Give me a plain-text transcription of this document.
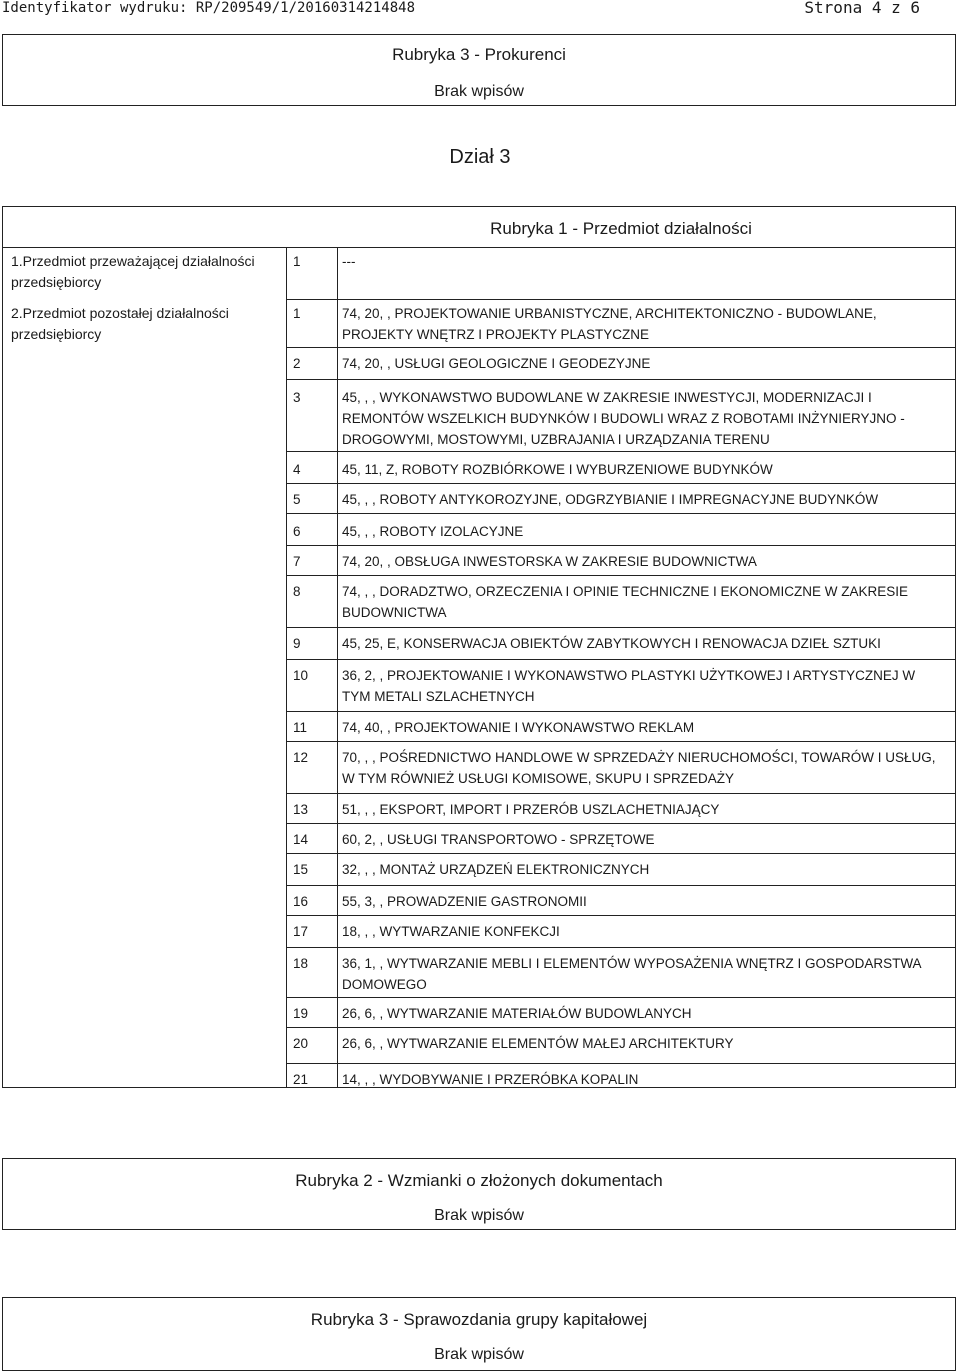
Identyfikator wydruku: RP/209549/1/20160314214848	Strona 4 z 6
Rubryka 3 - Prokurenci
Brak wpisów
Dział 3
Rubryka 1 - Przedmiot działalności
1.Przedmiot przeważającej działalności przedsiębiorcy
2.Przedmiot pozostałej działalności przedsiębiorcy
1	---
1	74, 20, , PROJEKTOWANIE URBANISTYCZNE, ARCHITEKTONICZNO - BUDOWLANE, PROJEKTY WNĘTRZ I PROJEKTY PLASTYCZNE
2	74, 20, , USŁUGI GEOLOGICZNE I GEODEZYJNE
3	45, , , WYKONAWSTWO BUDOWLANE W ZAKRESIE INWESTYCJI, MODERNIZACJI I REMONTÓW WSZELKICH BUDYNKÓW I BUDOWLI WRAZ Z ROBOTAMI INŻYNIERYJNO - DROGOWYMI, MOSTOWYMI, UZBRAJANIA I URZĄDZANIA TERENU
4	45, 11, Z, ROBOTY ROZBIÓRKOWE I WYBURZENIOWE BUDYNKÓW
5	45, , , ROBOTY ANTYKOROZYJNE, ODGRZYBIANIE I IMPREGNACYJNE BUDYNKÓW
6	45, , , ROBOTY IZOLACYJNE
7	74, 20, , OBSŁUGA INWESTORSKA W ZAKRESIE BUDOWNICTWA
8	74, , , DORADZTWO, ORZECZENIA I OPINIE TECHNICZNE I EKONOMICZNE W ZAKRESIE BUDOWNICTWA
9	45, 25, E, KONSERWACJA OBIEKTÓW ZABYTKOWYCH I RENOWACJA DZIEŁ SZTUKI
10	36, 2, , PROJEKTOWANIE I WYKONAWSTWO PLASTYKI UŻYTKOWEJ I ARTYSTYCZNEJ W TYM METALI SZLACHETNYCH
11	74, 40, , PROJEKTOWANIE I WYKONAWSTWO REKLAM
12	70, , , POŚREDNICTWO HANDLOWE W SPRZEDAŻY NIERUCHOMOŚCI, TOWARÓW I USŁUG, W TYM RÓWNIEŻ USŁUGI KOMISOWE, SKUPU I SPRZEDAŻY
13	51, , , EKSPORT, IMPORT I PRZERÓB USZLACHETNIAJĄCY
14	60, 2, , USŁUGI TRANSPORTOWO - SPRZĘTOWE
15	32, , , MONTAŻ URZĄDZEŃ ELEKTRONICZNYCH
16	55, 3, , PROWADZENIE GASTRONOMII
17	18, , , WYTWARZANIE KONFEKCJI
18	36, 1, , WYTWARZANIE MEBLI I ELEMENTÓW WYPOSAŻENIA WNĘTRZ I GOSPODARSTWA DOMOWEGO
19	26, 6, , WYTWARZANIE MATERIAŁÓW BUDOWLANYCH
20	26, 6, , WYTWARZANIE ELEMENTÓW MAŁEJ ARCHITEKTURY
21	14, , , WYDOBYWANIE I PRZERÓBKA KOPALIN
Rubryka 2 - Wzmianki o złożonych dokumentach
Brak wpisów
Rubryka 3 - Sprawozdania grupy kapitałowej
Brak wpisów
